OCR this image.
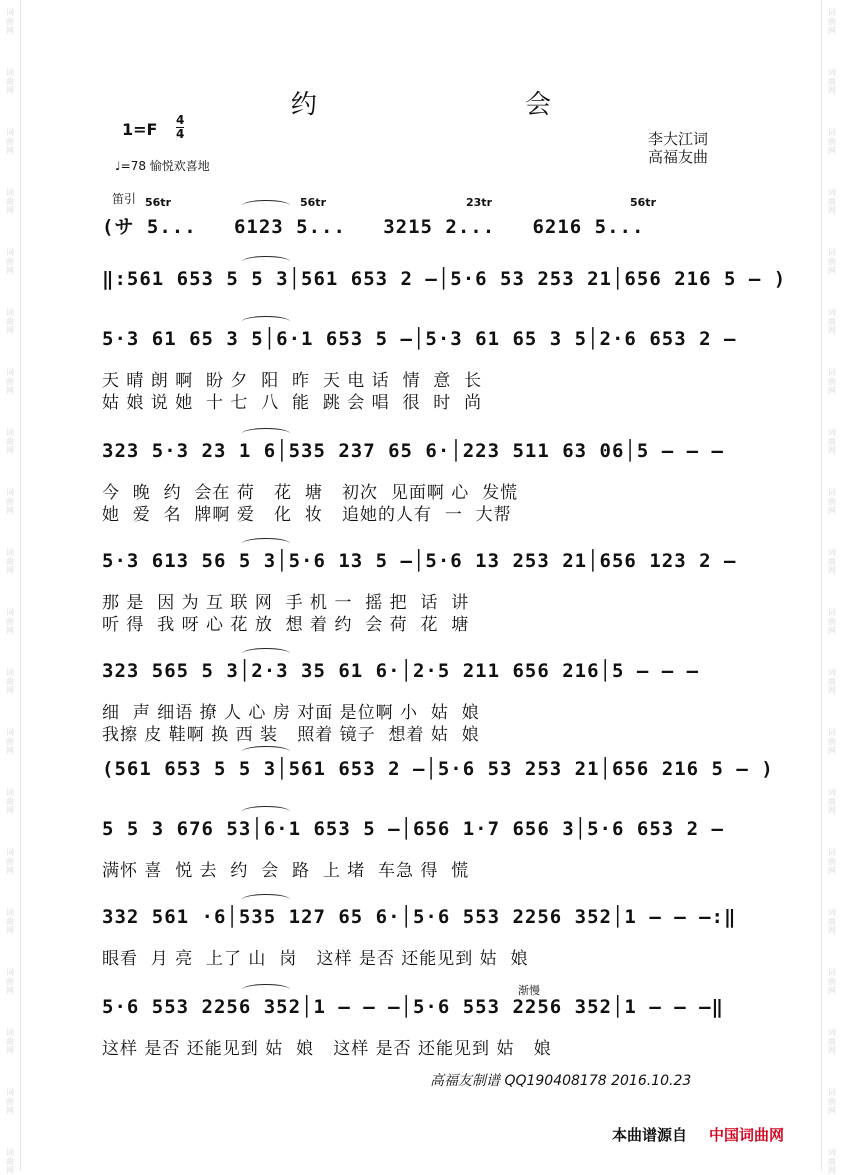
词
曲
网
词
曲
网
词
曲
网
词
曲
网
词
曲
网
词
曲
网
词
曲
网
词
曲
网
词
曲
网
词
曲
网
词
曲
网
词
曲
网
词
曲
网
词
曲
网
词
曲
网
词
曲
网
词
曲
网
词
曲
网
词
曲
网
词
曲
网
词
曲
网
词
曲
网
词
曲
网
词
曲
网
词
曲
网
词
曲
网
词
曲
网
词
曲
网
词
曲
网
词
曲
网
词
曲
网
词
曲
网
词
曲
网
词
曲
网
词
曲
网
词
曲
网
词
曲
网
词
曲
网
词
曲
网
词
曲
网
约 会
1=F 4
4
♩=78 愉悦欢喜地
李大江词
高福友曲
笛引 56tr	56tr	23tr	56tr
(サ 5...   6123 5...   3215 2...   6216 5...
‖:561 653 5 5 3│561 653 2 –│5·6 53 253 21│656 216 5 – )
5·3 61 65 3 5│6·1 653 5 –│5·3 61 65 3 5│2·6 653 2 –
天 晴 朗 啊  盼 夕  阳  昨  天 电 话  情  意  长
姑 娘 说 她  十 七  八  能  跳 会 唱  很  时  尚
323 5·3 23 1 6│535 237 65 6·│223 511 63 06│5 – – –
今  晚  约  会在 荷   花  塘   初次  见面啊 心  发慌
她  爱  名  牌啊 爱   化  妆   追她的人有  一  大帮
5·3 613 56 5 3│5·6 13 5 –│5·6 13 253 21│656 123 2 –
那 是  因 为 互 联 网  手 机 一  摇 把  话  讲
听 得  我 呀 心 花 放  想 着 约  会 荷  花  塘
323 565 5 3│2·3 35 61 6·│2·5 211 656 216│5 – – –
细  声 细语 撩 人 心 房 对面 是位啊 小  姑  娘
我擦 皮 鞋啊 换 西 装   照着 镜子  想着 姑  娘
(561 653 5 5 3│561 653 2 –│5·6 53 253 21│656 216 5 – )
5 5 3 676 53│6·1 653 5 –│656 1·7 656 3│5·6 653 2 –
满怀 喜  悦 去  约  会  路  上 堵  车急 得  慌
332 561 ·6│535 127 65 6·│5·6 553 2256 352│1 – – –:‖
眼看  月 亮  上了 山  岗   这样 是否 还能见到 姑  娘
5·6 553 2256 352│1 – – –│5·6 553 2256 352│1 – – –‖
这样 是否 还能见到 姑  娘   这样 是否 还能见到 姑   娘
渐慢
高福友制谱 QQ190408178 2016.10.23
本曲谱源自 中国词曲网
